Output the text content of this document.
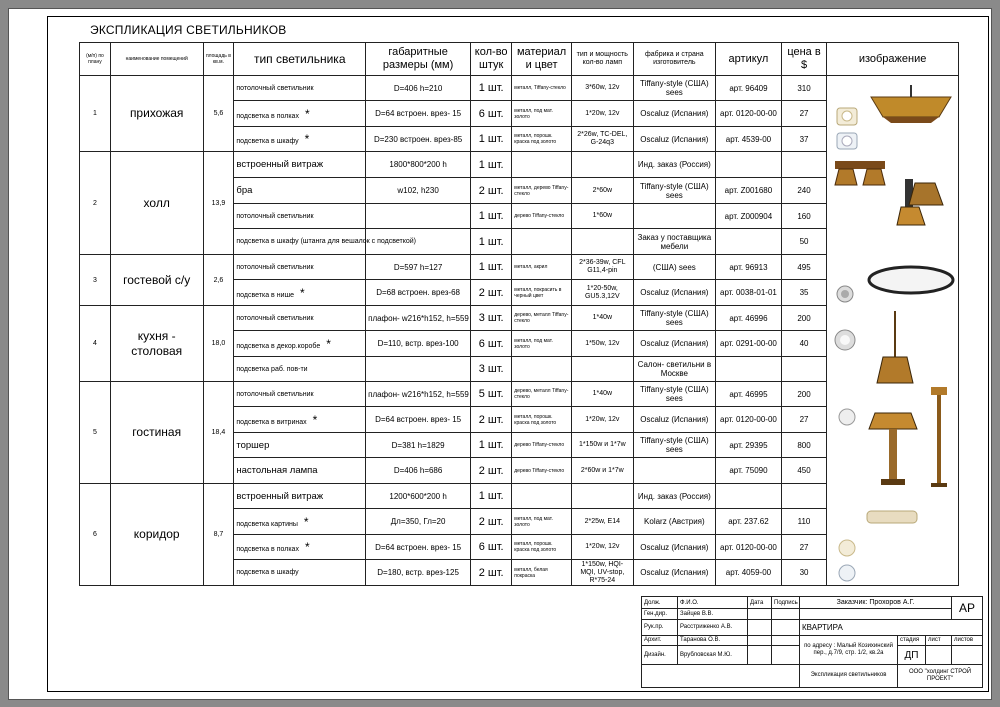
ЭКСПЛИКАЦИЯ СВЕТИЛЬНИКОВ
(м/п) по плану	наименование помещений	площадь в кв.м.	тип светильника	габаритные размеры (мм)	кол-во штук	материал и цвет	тип и мощность кол-во ламп	фабрика и страна изготовитель	артикул	цена в $	изображение
1	прихожая	5,6	потолочный светильник	D=406 h=210	1 шт.	металл, Tiffany-стекло	3*60w, 12v	Tiffany-style (США) sees	арт. 96409	310	
			подсветка в полках *	D=64 встроен. врез- 15	6 шт.	металл, под мат. золото	1*20w, 12v	Oscaluz (Испания)	арт. 0120-00-00	27	
			подсветка в шкафу *	D=230 встроен. врез-85	1 шт.	металл, порошк. краска под золото	2*26w, TC-DEL, G-24q3	Oscaluz (Испания)	арт. 4539-00	37	
2	холл	13,9	встроенный витраж	1800*800*200 h	1 шт.			Инд. заказ (Россия)			
			бра	w102, h230	2 шт.	металл, дерево Tiffany-стекло	2*60w	Tiffany-style (США) sees	арт. Z001680	240	
			потолочный светильник		1 шт.	дерево Tiffany-стекло	1*60w		арт. Z000904	160	
			подсветка в шкафу (штанга для вешалок с подсветкой)		1 шт.			Заказ у поставщика мебели		50	
3	гостевой с/у	2,6	потолочный светильник	D=597 h=127	1 шт.	металл, акрил	2*36-39w, CFL G11,4-pin	(США) sees	арт. 96913	495	
			подсветка в нише *	D=68 встроен. врез-68	2 шт.	металл, покрасить в черный цвет	1*20-50w, GU5.3,12V	Oscaluz (Испания)	арт. 0038-01-01	35	
4	кухня - столовая	18,0	потолочный светильник	плафон- w216*h152, h=559	3 шт.	дерево, металл Tiffany-стекло	1*40w	Tiffany-style (США) sees	арт. 46996	200	
			подсветка в декор.коробе *	D=110, встр. врез-100	6 шт.	металл, под мат. золото	1*50w, 12v	Oscaluz (Испания)	арт. 0291-00-00	40	
			подсветка раб. пов-ти		3 шт.			Салон- светильни в Москве			
5	гостиная	18,4	потолочный светильник	плафон- w216*h152, h=559	5 шт.	дерево, металл Tiffany-стекло	1*40w	Tiffany-style (США) sees	арт. 46995	200	
			подсветка в витринах *	D=64 встроен. врез- 15	2 шт.	металл, порошк. краска под золото	1*20w, 12v	Oscaluz (Испания)	арт. 0120-00-00	27	
			торшер	D=381 h=1829	1 шт.	дерево Tiffany-стекло	1*150w и 1*7w	Tiffany-style (США) sees	арт. 29395	800	
			настольная лампа	D=406 h=686	2 шт.	дерево Tiffany-стекло	2*60w и 1*7w		арт. 75090	450	
6	коридор	8,7	встроенный витраж	1200*600*200 h	1 шт.			Инд. заказ (Россия)			
			подсветка картины *	Дл=350, Гл=20	2 шт.	металл, под мат. золото	2*25w, E14	Kolarz (Австрия)	арт. 237.62	110	
			подсветка в полках *	D=64 встроен. врез- 15	6 шт.	металл, порошк. краска под золото	1*20w, 12v	Oscaluz (Испания)	арт. 0120-00-00	27	
			подсветка в шкафу	D=180, встр. врез-125	2 шт.	металл, белая покраска	1*150w, HQI-MQI, UV-stop, R*75-24	Oscaluz (Испания)	арт. 4059-00	30	
Долж.	Ф.И.О.	Дата	Подпись	Заказчик: Прохоров А.Г.			АР
Ген.дир.	Зайцев В.В.						
Рук.пр.	Расстриженко А.В.			КВАРТИРА			
Архит.	Таранова О.В.			по адресу : Малый Козихинский пер., д.7/9, стр. 1/2, кв.2а	стадия	лист	листов
Дизайн.	Врубловская М.Ю.				ДП		
				Экспликация светильников	ООО "холдинг СТРОЙ ПРОЕКТ"		
